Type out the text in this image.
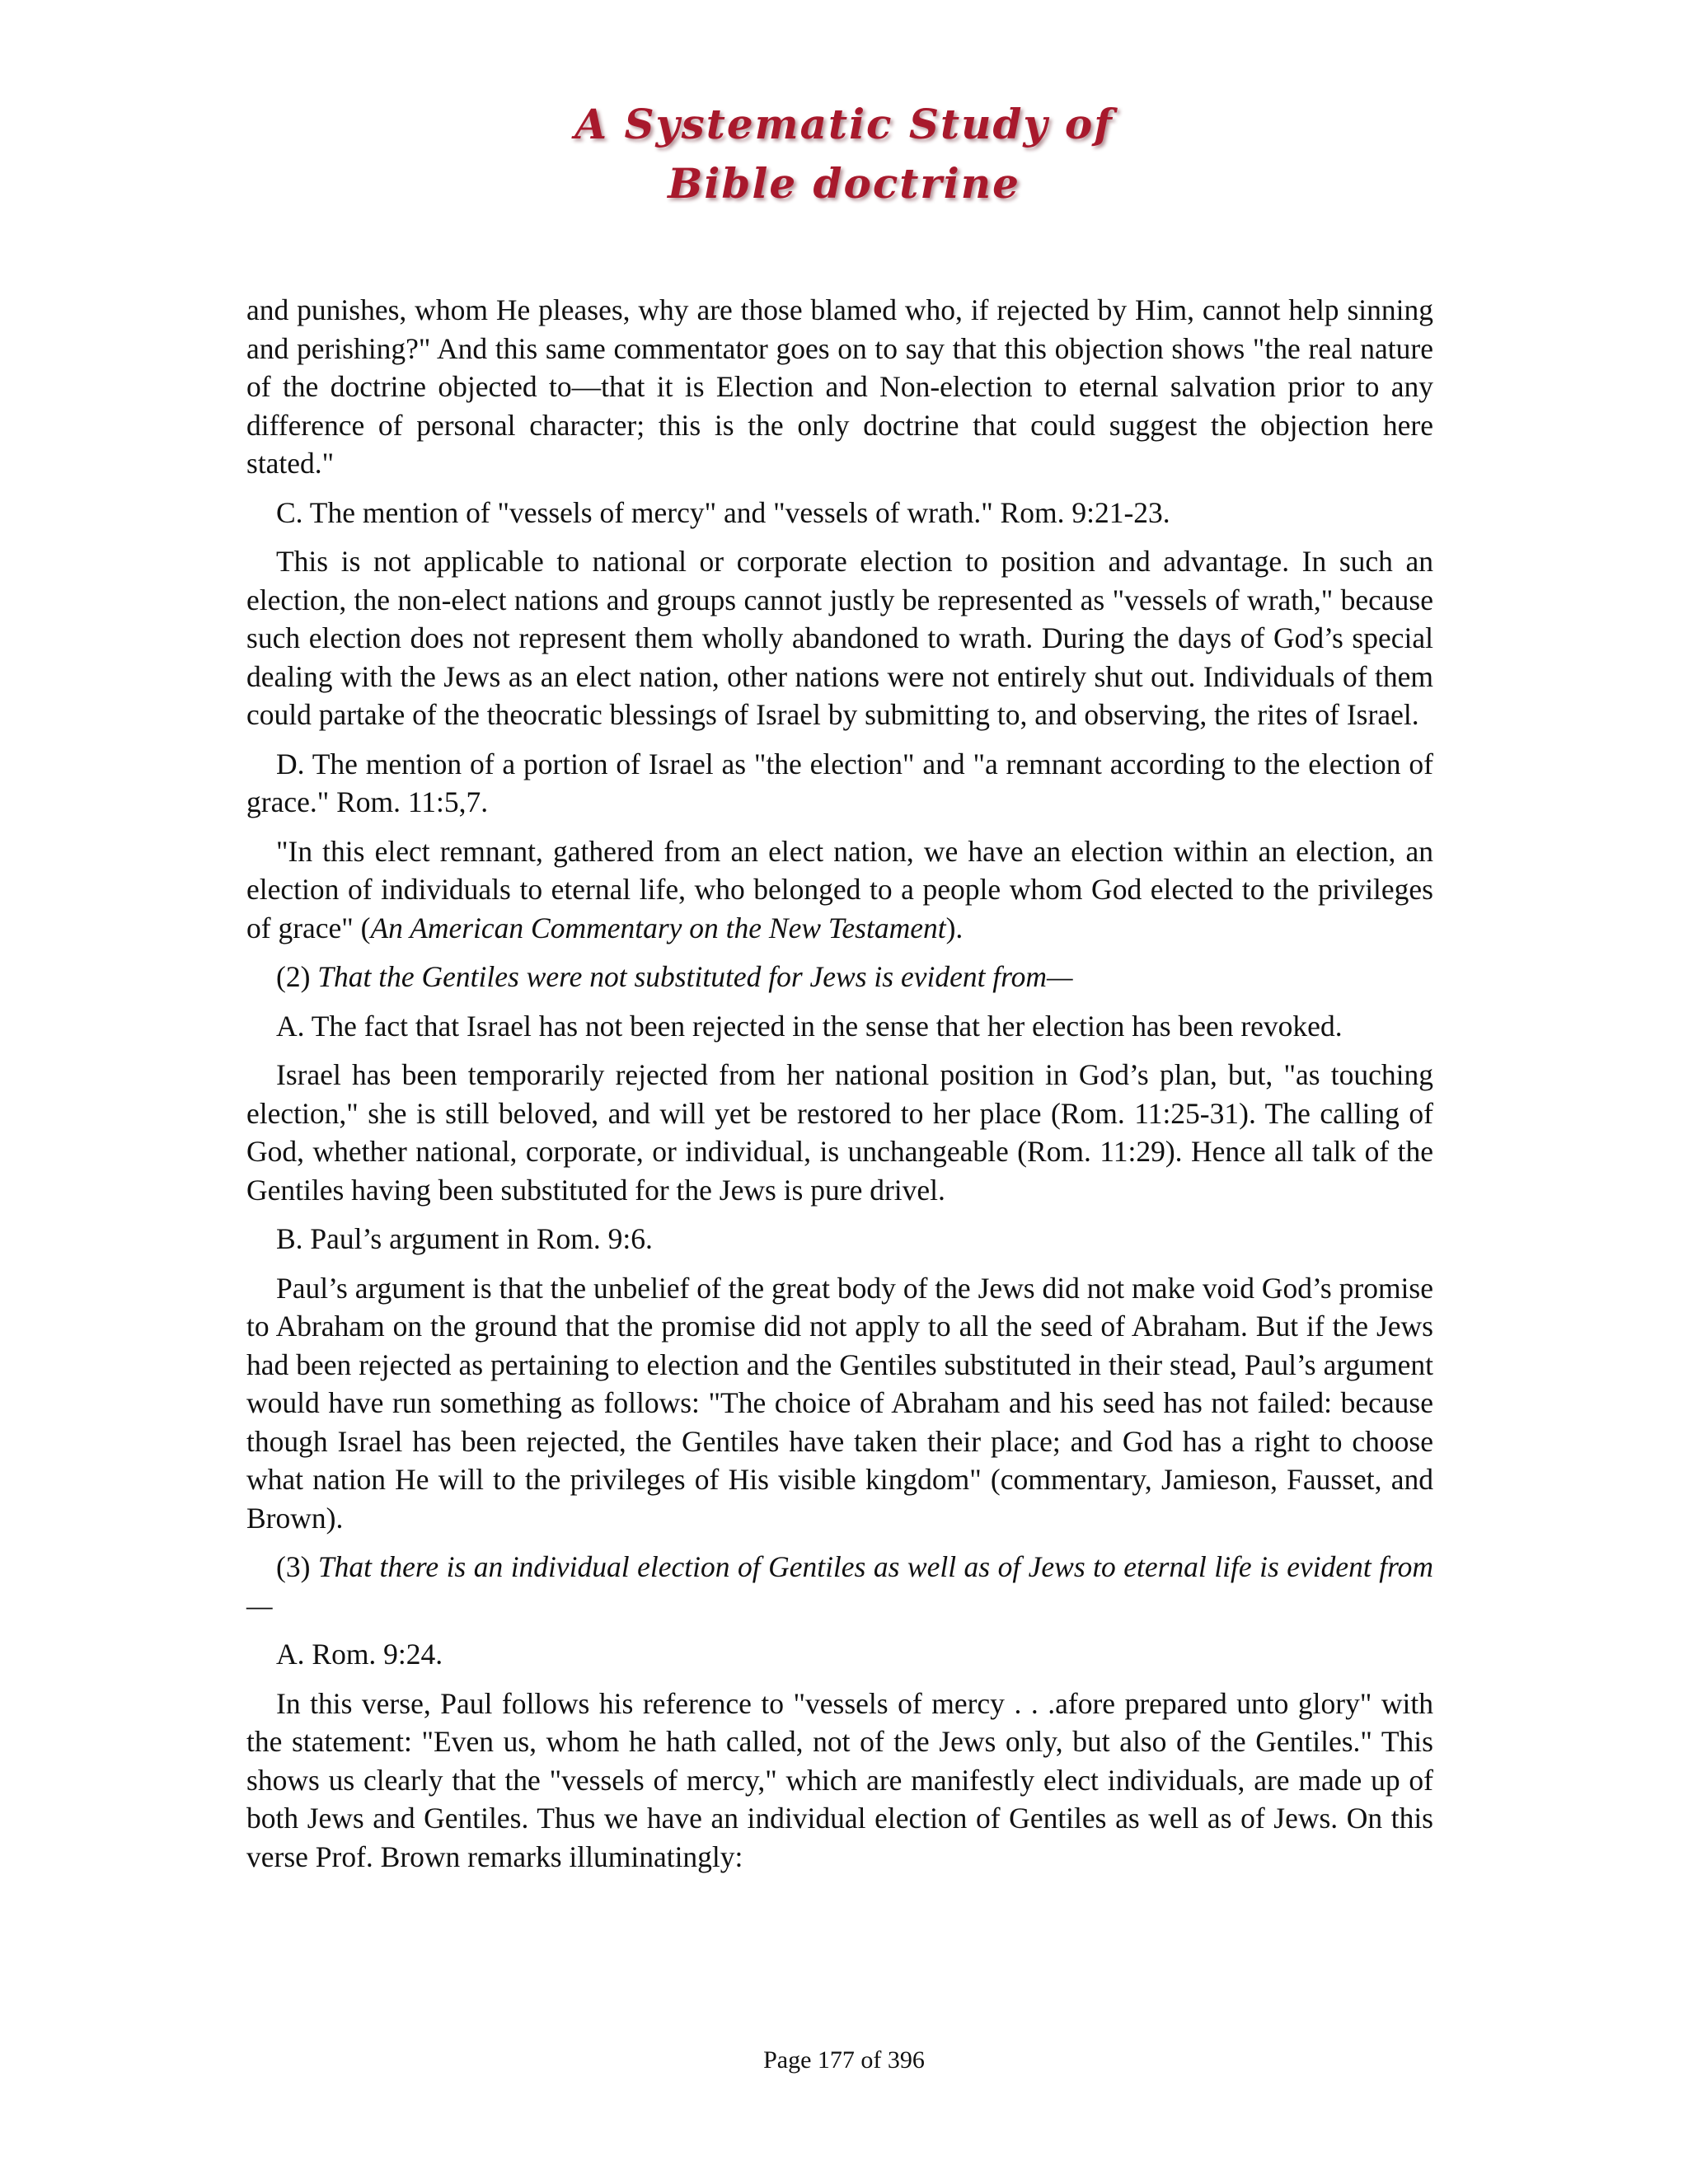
A Systematic Study of
Bible doctrine

and punishes, whom He pleases, why are those blamed who, if rejected by Him, cannot help sinning and perishing?" And this same commentator goes on to say that this objection shows "the real nature of the doctrine objected to—that it is Election and Non-election to eternal salvation prior to any difference of personal character; this is the only doctrine that could suggest the objection here stated."

C. The mention of "vessels of mercy" and "vessels of wrath." Rom. 9:21-23.

This is not applicable to national or corporate election to position and advantage. In such an election, the non-elect nations and groups cannot justly be represented as "vessels of wrath," because such election does not represent them wholly abandoned to wrath. During the days of God’s special dealing with the Jews as an elect nation, other nations were not entirely shut out. Individuals of them could partake of the theocratic blessings of Israel by submitting to, and observing, the rites of Israel.

D. The mention of a portion of Israel as "the election" and "a remnant according to the election of grace." Rom. 11:5,7.

"In this elect remnant, gathered from an elect nation, we have an election within an election, an election of individuals to eternal life, who belonged to a people whom God elected to the privileges of grace" (An American Commentary on the New Testament).

(2) That the Gentiles were not substituted for Jews is evident from—

A. The fact that Israel has not been rejected in the sense that her election has been revoked.

Israel has been temporarily rejected from her national position in God’s plan, but, "as touching election," she is still beloved, and will yet be restored to her place (Rom. 11:25-31). The calling of God, whether national, corporate, or individual, is unchangeable (Rom. 11:29). Hence all talk of the Gentiles having been substituted for the Jews is pure drivel.

B. Paul’s argument in Rom. 9:6.

Paul’s argument is that the unbelief of the great body of the Jews did not make void God’s promise to Abraham on the ground that the promise did not apply to all the seed of Abraham. But if the Jews had been rejected as pertaining to election and the Gentiles substituted in their stead, Paul’s argument would have run something as follows: "The choice of Abraham and his seed has not failed: because though Israel has been rejected, the Gentiles have taken their place; and God has a right to choose what nation He will to the privileges of His visible kingdom" (commentary, Jamieson, Fausset, and Brown).

(3) That there is an individual election of Gentiles as well as of Jews to eternal life is evident from—

A. Rom. 9:24.

In this verse, Paul follows his reference to "vessels of mercy . . .afore prepared unto glory" with the statement: "Even us, whom he hath called, not of the Jews only, but also of the Gentiles." This shows us clearly that the "vessels of mercy," which are manifestly elect individuals, are made up of both Jews and Gentiles. Thus we have an individual election of Gentiles as well as of Jews. On this verse Prof. Brown remarks illuminatingly:

Page 177 of 396
